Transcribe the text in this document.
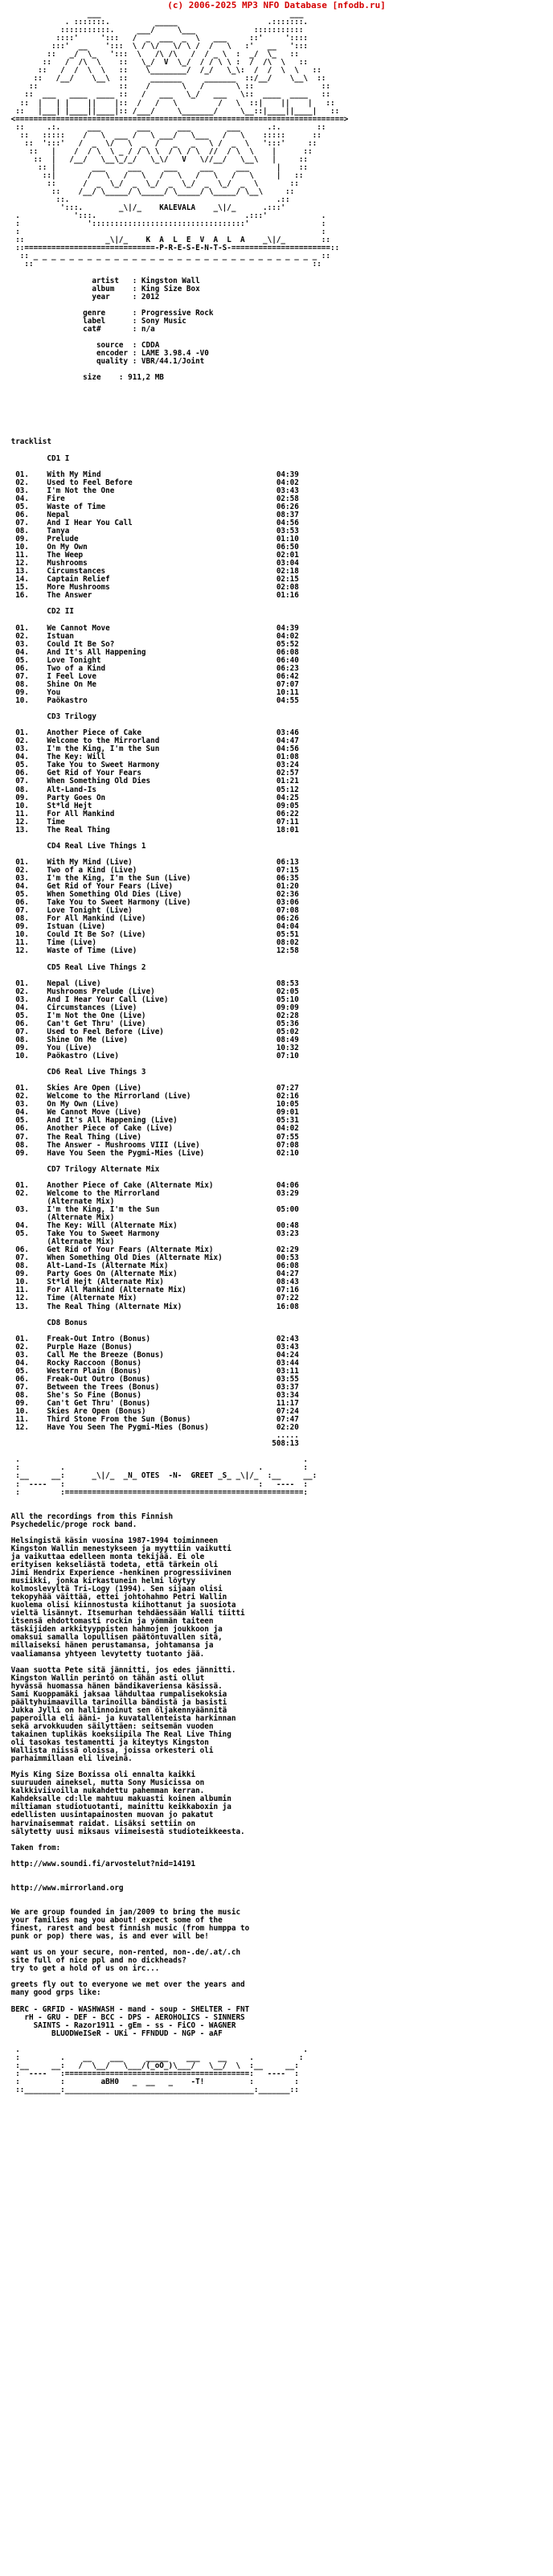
(c) 2006-2025 MP3 NFO Database [nfodb.ru]
___                                          ___
. :::::::.          _____                    .:::::::.
:::::::::::.     ___/     \___             :::::::::::
::::'     ':::   /  _  ___  _  \   ___     ::'     '::::
:::'  __    ':::  \ / \/   \/ \ /  /   \   :'   __   ':::
::   _/  \_   ':::  \   /\ /\   /  / _ \  :  _/  \_   ::
::   /  /\  \    ::   \_/  V  \_/  / / \ \ :  /  /\  \   ::
::   /  /  \  \   ::    \________/  /_/   \_\:  /  /  \  \   ::
::   /__/    \__\  ::     _______     _______  ::/__/    \__\  ::
::                  ::    /       \   /       \ ::               ::
::  ___   ____  ____ ::   /   ___   \_/   ___   \::  ____  ____   ::
::  |   | |    ||    |::  /   /   \         /   \  ::|    ||    |   ::
::   |___| |____||____|:: /___/     \_______/     \__::|____||____|   ::
<=========================================================================>
::     .:.      ___        ___      ___        ___      .:.        ::
::   :::::    /   \  ___ /   \ ___/   \___   /   \    :::::      ::
::  ':::'   /  _  \/   \  _  /   _   _   \ /  _  \   ':::'     ::
::   |    /  / \  \ _ / / \ \  / \ / \  //  / \  \    |      ::
::  |   /__/   \__\_/_/   \_\/   V   \//__/   \__\   |     ::
:: |        ___     ___     ___     ___     ___      |    ::
::|       /   \   /   \   /   \   /   \   /   \     |   ::
::      /  _  \_/  _  \_/  _  \_/  _  \_/  _  \       ::
::    /__/ \_____/ \_____/ \_____/ \_____/ \__\     ::
::.                                              .::
':::.        _\|/_    KALEVALA    _\|/_      .:::'
.            ':::.                                 .:::'            .
:               '::::::::::::::::::::::::::::::::::'                :
:                                                                   :
::                  _\|/_    K  A  L  E  V  A  L  A    _\|/_        ::
::=============================-P-R-E-S-E-N-T-S-======================::
:: _ _ _ _ _ _ _ _ _ _ _ _ _ _ _ _ _ _ _ _ _ _ _ _ _ _ _ _ _ _ _ _ ::
::                                                              ::

artist   : Kingston Wall
album    : King Size Box
year     : 2012

genre      : Progressive Rock
label      : Sony Music
cat#       : n/a

source  : CDDA
encoder : LAME 3.98.4 -V0
quality : VBR/44.1/Joint

size    : 911,2 MB

tracklist

CD1 I

01.    With My Mind                                       04:39
02.    Used to Feel Before                                04:02
03.    I'm Not the One                                    03:43
04.    Fire                                               02:58
05.    Waste of Time                                      06:26
06.    Nepal                                              08:37
07.    And I Hear You Call                                04:56
08.    Tanya                                              03:53
09.    Prelude                                            01:10
10.    On My Own                                          06:50
11.    The Weep                                           02:01
12.    Mushrooms                                          03:04
13.    Circumstances                                      02:18
14.    Captain Relief                                     02:15
15.    More Mushrooms                                     02:08
16.    The Answer                                         01:16

CD2 II

01.    We Cannot Move                                     04:39
02.    Istuan                                             04:02
03.    Could It Be So?                                    05:52
04.    And It's All Happening                             06:08
05.    Love Tonight                                       06:40
06.    Two of a Kind                                      06:23
07.    I Feel Love                                        06:42
08.    Shine On Me                                        07:07
09.    You                                                10:11
10.    Paökastro                                          04:55

CD3 Trilogy

01.    Another Piece of Cake                              03:46
02.    Welcome to the Mirrorland                          04:47
03.    I'm the King, I'm the Sun                          04:56
04.    The Key: Will                                      01:08
05.    Take You to Sweet Harmony                          03:24
06.    Get Rid of Your Fears                              02:57
07.    When Something Old Dies                            01:21
08.    Alt-Land-Is                                        05:12
09.    Party Goes On                                      04:25
10.    St*ld Hejt                                         09:05
11.    For All Mankind                                    06:22
12.    Time                                               07:11
13.    The Real Thing                                     18:01

CD4 Real Live Things 1

01.    With My Mind (Live)                                06:13
02.    Two of a Kind (Live)                               07:15
03.    I'm the King, I'm the Sun (Live)                   06:35
04.    Get Rid of Your Fears (Live)                       01:20
05.    When Something Old Dies (Live)                     02:36
06.    Take You to Sweet Harmony (Live)                   03:06
07.    Love Tonight (Live)                                07:08
08.    For All Mankind (Live)                             06:26
09.    Istuan (Live)                                      04:04
10.    Could It Be So? (Live)                             05:51
11.    Time (Live)                                        08:02
12.    Waste of Time (Live)                               12:58

CD5 Real Live Things 2

01.    Nepal (Live)                                       08:53
02.    Mushrooms Prelude (Live)                           02:05
03.    And I Hear Your Call (Live)                        05:10
04.    Circumstances (Live)                               09:09
05.    I'm Not the One (Live)                             02:28
06.    Can't Get Thru' (Live)                             05:36
07.    Used to Feel Before (Live)                         05:02
08.    Shine On Me (Live)                                 08:49
09.    You (Live)                                         10:32
10.    Paökastro (Live)                                   07:10

CD6 Real Live Things 3

01.    Skies Are Open (Live)                              07:27
02.    Welcome to the Mirrorland (Live)                   02:16
03.    On My Own (Live)                                   10:05
04.    We Cannot Move (Live)                              09:01
05.    And It's All Happening (Live)                      05:31
06.    Another Piece of Cake (Live)                       04:02
07.    The Real Thing (Live)                              07:55
08.    The Answer - Mushrooms VIII (Live)                 07:08
09.    Have You Seen the Pygmi-Mies (Live)                02:10

CD7 Trilogy Alternate Mix

01.    Another Piece of Cake (Alternate Mix)              04:06
02.    Welcome to the Mirrorland                          03:29
(Alternate Mix)
03.    I'm the King, I'm the Sun                          05:00
(Alternate Mix)
04.    The Key: Will (Alternate Mix)                      00:48
05.    Take You to Sweet Harmony                          03:23
(Alternate Mix)
06.    Get Rid of Your Fears (Alternate Mix)              02:29
07.    When Something Old Dies (Alternate Mix)            00:53
08.    Alt-Land-Is (Alternate Mix)                        06:08
09.    Party Goes On (Alternate Mix)                      04:27
10.    St*ld Hejt (Alternate Mix)                         08:43
11.    For All Mankind (Alternate Mix)                    07:16
12.    Time (Alternate Mix)                               07:22
13.    The Real Thing (Alternate Mix)                     16:08

CD8 Bonus

01.    Freak-Out Intro (Bonus)                            02:43
02.    Purple Haze (Bonus)                                03:43
03.    Call Me the Breeze (Bonus)                         04:24
04.    Rocky Raccoon (Bonus)                              03:44
05.    Western Plain (Bonus)                              03:11
06.    Freak-Out Outro (Bonus)                            03:55
07.    Between the Trees (Bonus)                          03:37
08.    She's So Fine (Bonus)                              03:34
09.    Can't Get Thru' (Bonus)                            11:17
10.    Skies Are Open (Bonus)                             07:24
11.    Third Stone From the Sun (Bonus)                   07:47
12.    Have You Seen The Pygmi-Mies (Bonus)               02:20
.....
508:13

.                                                               .
:         .                                           .         :
:__     __:      _\|/_  _N_ OTES  -N-  GREET _S_ _\|/_  :__     __:
:  ----   :                                           :   ----  :
:         :=====================================================:

All the recordings from this Finnish
Psychedelic/proge rock band.

Helsingistä käsin vuosina 1987-1994 toiminneen
Kingston Wallin menestykseen ja myyttiin vaikutti
ja vaikuttaa edelleen monta tekijää. Ei ole
erityisen kekseliästä todeta, että tärkein oli
Jimi Hendrix Experience -henkinen progressiivinen
musiikki, jonka kirkastunein helmi löytyy
kolmoslevyltä Tri-Logy (1994). Sen sijaan olisi
tekopyhää väittää, ettei johtohahmo Petri Wallin
kuolema olisi kiinnostusta kiihottanut ja suosiota
vieltä lisännyt. Itsemurhan tehdäessään Walli tiitti
itsensä ehdottomasti rockin ja yömmän taiteen
täskijiden arkkityyppisten hahmojen joukkoon ja
omaksui samalla lopullisen päätöntuvallen sitä,
millaiseksi hänen perustamansa, johtamansa ja
vaaliamansa yhtyeen levytetty tuotanto jää.

Vaan suotta Pete sitä jännitti, jos edes jännitti.
Kingston Wallin perintö on tähän asti ollut
hyvässä huomassa hänen bändikaveriensa käsissä.
Sami Kuoppamäki jaksaa lähdultaa rumpalisekoksia
päältyhuimaavilla tarinoilla bändistä ja basisti
Jukka Jylli on hallinnoinut sen öljakennyäännitä
paperoilla eli ääni- ja kuvatallenteista harkinnan
sekä arvokkuuden säilyttäen: seitsemän vuoden
takainen tuplikäs koeksiipila The Real Live Thing
oli tasokas testamentti ja kiteytys Kingston
Wallista niissä oloissa, joissa orkesteri oli
parhaimmillaan eli liveinä.

Myis King Size Boxissa oli ennalta kaikki
suuruuden aineksel, mutta Sony Musicissa on
kalkkiviivoilla nukahdettu pahemman kerran.
Kahdeksalle cd:lle mahtuu makuasti koinen albumin
miltiaman studiotuotanti, mainittu keikkaboxin ja
edellisten uusintapainosten muovan jo pakatut
harvinaisemmat raidat. Lisäksi settiin on
sälytetty uusi miksaus viimeisestä studioteikkeesta.

Taken from:

http://www.soundi.fi/arvostelut?nid=14191

http://www.mirrorland.org

We are group founded in jan/2009 to bring the music
your families nag you about! expect some of the
finest, rarest and best finnish music (from humppa to
punk or pop) there was, is and ever will be!

want us on your secure, non-rented, non-.de/.at/.ch
site full of nice ppl and no dickheads?
try to get a hold of us on irc...

greets fly out to everyone we met over the years and
many good grps like:

BERC - GRFID - WASHWASH - mand - soup - SHELTER - FNT
rH - GRU - DEF - BCC - DPS - AEROHOLICS - SINNERS
SAINTS - Razor1911 - gEm - ss - FiCO - WAGNER
BLUODWeISeR - UKi - FFNDUD - NGP - aAF

.                                                               .
:         .    __    ___     _____    ___    __     .          :
:__     __:   /  \__/   \___/(_oO_)\___/   \__/  \  :__     __:
:  ----   :=========================================:   ----  :
:         :        aBH0   _  __   _    -T!          :         :
::________:__________________________________________:_______::
